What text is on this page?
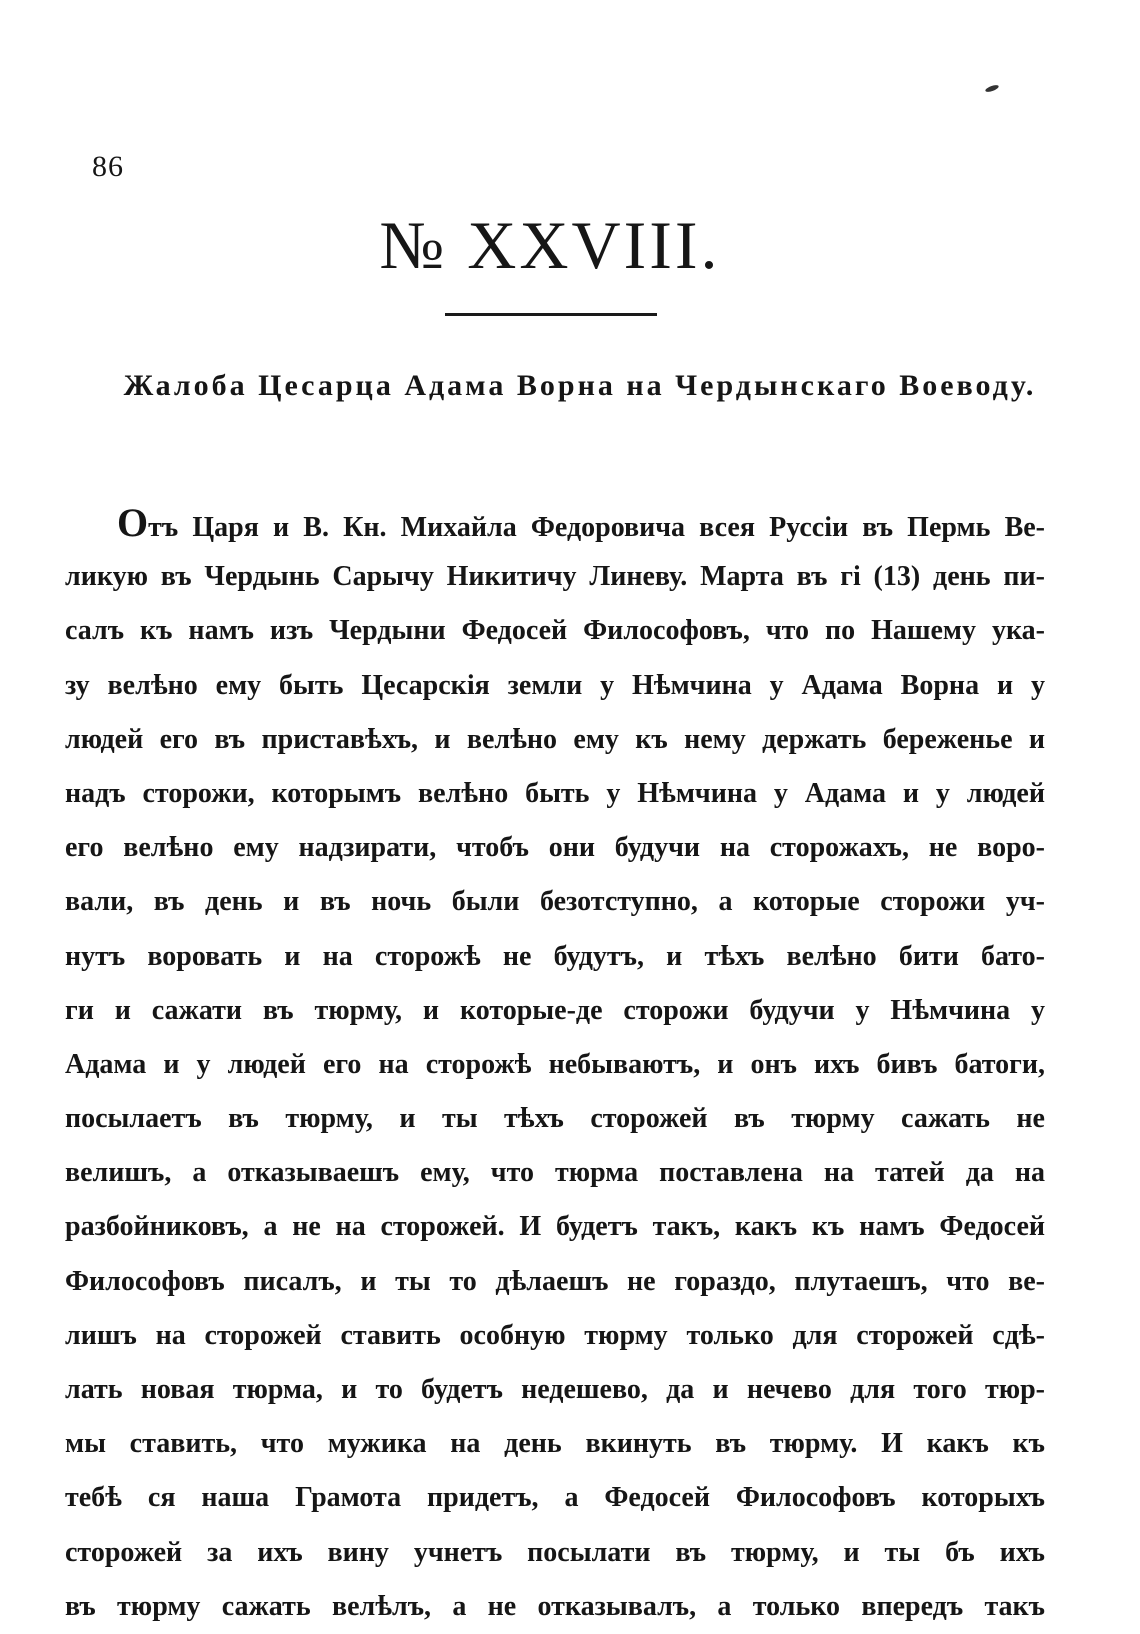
86
№ XXVIII.
Жалоба Цесарца Адама Ворна на Чердынскаго Воеводу.
Отъ Царя и В. Кн. Михайла Федоровича всея Руссіи въ Пермь Ве-
ликую въ Чердынь Сарычу Никитичу Линеву. Марта въ гі (13) день пи-
салъ къ намъ изъ Чердыни Федосей Философовъ, что по Нашему ука-
зу велѣно ему быть Цесарскія земли у Нѣмчина у Адама Ворна и у
людей его въ приставѣхъ, и велѣно ему къ нему держать береженье и
надъ сторожи, которымъ велѣно быть у Нѣмчина у Адама и у людей
его велѣно ему надзирати, чтобъ они будучи на сторожахъ, не воро-
вали, въ день и въ ночь были безотступно, а которые сторожи уч-
нутъ воровать и на сторожѣ не будутъ, и тѣхъ велѣно бити бато-
ги и сажати въ тюрму, и которые-де сторожи будучи у Нѣмчина у
Адама и у людей его на сторожѣ небываютъ, и онъ ихъ бивъ батоги,
посылаетъ въ тюрму, и ты тѣхъ сторожей въ тюрму сажать не
велишъ, а отказываешъ ему, что тюрма поставлена на татей да на
разбойниковъ, а не на сторожей. И будетъ такъ, какъ къ намъ Федосей
Философовъ писалъ, и ты то дѣлаешъ не гораздо, плутаешъ, что ве-
лишъ на сторожей ставить особную тюрму только для сторожей сдѣ-
лать новая тюрма, и то будетъ недешево, да и нечево для того тюр-
мы ставить, что мужика на день вкинуть въ тюрму. И какъ къ
тебѣ ся наша Грамота придетъ, а Федосей Философовъ которыхъ
сторожей за ихъ вину учнетъ посылати въ тюрму, и ты бъ ихъ
въ тюрму сажать велѣлъ, а не отказывалъ, а только впередъ такъ
